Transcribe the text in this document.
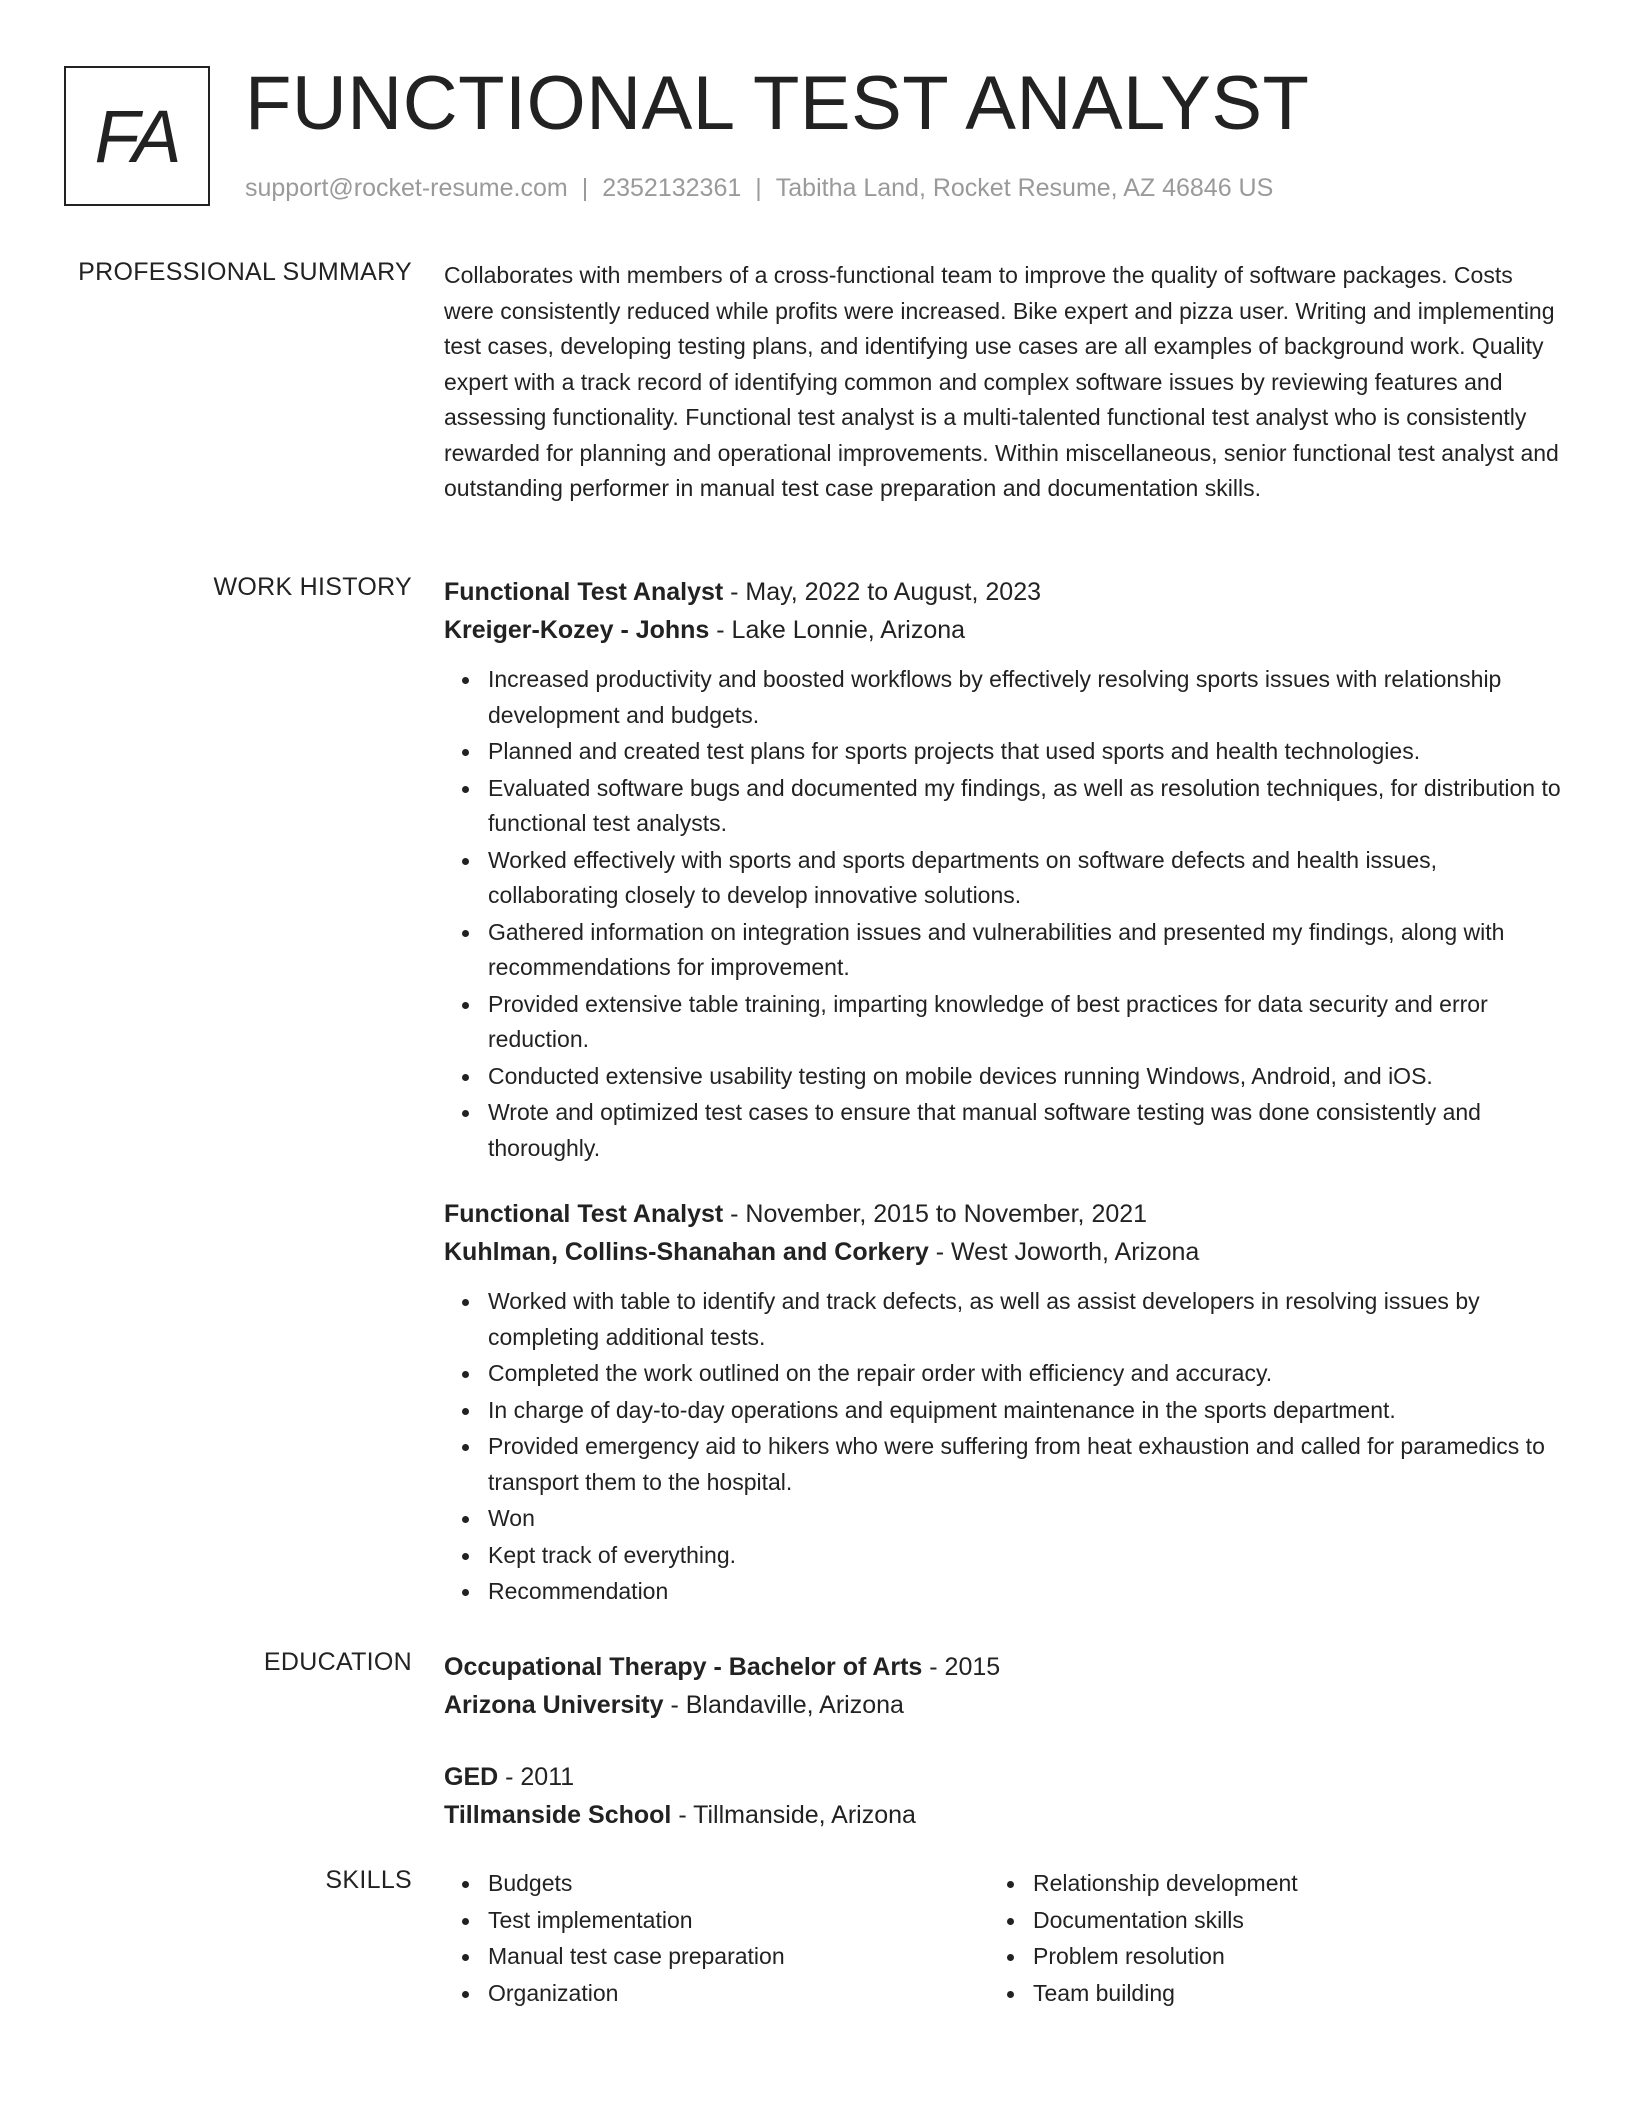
FA FUNCTIONAL TEST ANALYST
support@rocket-resume.com | 2352132361 | Tabitha Land, Rocket Resume, AZ 46846 US
PROFESSIONAL SUMMARY Collaborates with members of a cross-functional team to improve the quality of software packages. Costs were consistently reduced while profits were increased. Bike expert and pizza user. Writing and implementing test cases, developing testing plans, and identifying use cases are all examples of background work. Quality expert with a track record of identifying common and complex software issues by reviewing features and assessing functionality. Functional test analyst is a multi-talented functional test analyst who is consistently rewarded for planning and operational improvements. Within miscellaneous, senior functional test analyst and outstanding performer in manual test case preparation and documentation skills.

WORK HISTORY Functional Test Analyst - May, 2022 to August, 2023
Kreiger-Kozey - Johns - Lake Lonnie, Arizona
Increased productivity and boosted workflows by effectively resolving sports issues with relationship development and budgets.
Planned and created test plans for sports projects that used sports and health technologies.
Evaluated software bugs and documented my findings, as well as resolution techniques, for distribution to functional test analysts.
Worked effectively with sports and sports departments on software defects and health issues, collaborating closely to develop innovative solutions.
Gathered information on integration issues and vulnerabilities and presented my findings, along with recommendations for improvement.
Provided extensive table training, imparting knowledge of best practices for data security and error reduction.
Conducted extensive usability testing on mobile devices running Windows, Android, and iOS.
Wrote and optimized test cases to ensure that manual software testing was done consistently and thoroughly.
Functional Test Analyst - November, 2015 to November, 2021
Kuhlman, Collins-Shanahan and Corkery - West Joworth, Arizona
Worked with table to identify and track defects, as well as assist developers in resolving issues by completing additional tests.
Completed the work outlined on the repair order with efficiency and accuracy.
In charge of day-to-day operations and equipment maintenance in the sports department.
Provided emergency aid to hikers who were suffering from heat exhaustion and called for paramedics to transport them to the hospital.
Won
Kept track of everything.
Recommendation
EDUCATION Occupational Therapy - Bachelor of Arts - 2015
Arizona University - Blandaville, Arizona
GED - 2011
Tillmanside School - Tillmanside, Arizona
SKILLS	Budgets
Test implementation
Manual test case preparation
Organization
Relationship development
Documentation skills
Problem resolution
Team building
